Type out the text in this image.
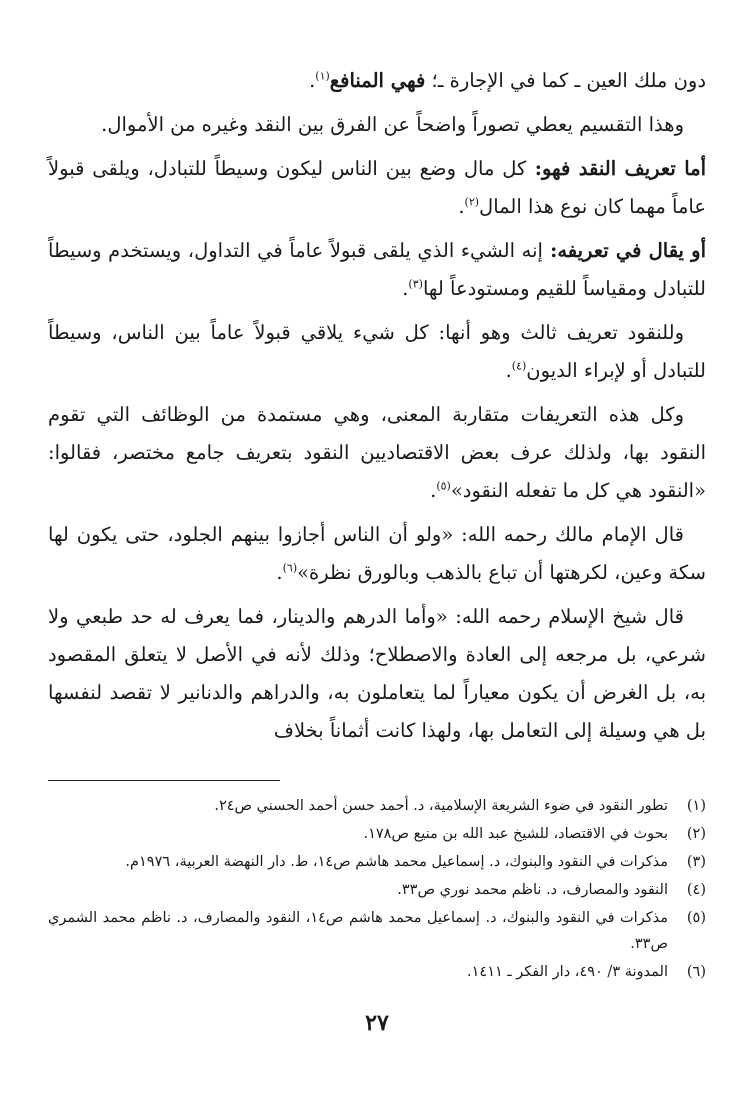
دون ملك العين ـ كما في الإجارة ـ؛ فهي المنافع$^{(١)}$.

وهذا التقسيم يعطي تصوراً واضحاً عن الفرق بين النقد وغيره من الأموال.

أما تعريف النقد فهو: كل مال وضع بين الناس ليكون وسيطاً للتبادل، ويلقى قبولاً عاماً مهما كان نوع هذا المال$^{(٢)}$.

أو يقال في تعريفه: إنه الشيء الذي يلقى قبولاً عاماً في التداول، ويستخدم وسيطاً للتبادل ومقياساً للقيم ومستودعاً لها$^{(٣)}$.

وللنقود تعريف ثالث وهو أنها: كل شيء يلاقي قبولاً عاماً بين الناس، وسيطاً للتبادل أو لإبراء الديون$^{(٤)}$.

وكل هذه التعريفات متقاربة المعنى، وهي مستمدة من الوظائف التي تقوم النقود بها، ولذلك عرف بعض الاقتصاديين النقود بتعريف جامع مختصر، فقالوا: «النقود هي كل ما تفعله النقود»$^{(٥)}$.

قال الإمام مالك رحمه الله: «ولو أن الناس أجازوا بينهم الجلود، حتى يكون لها سكة وعين، لكرهتها أن تباع بالذهب وبالورق نظرة»$^{(٦)}$.

قال شيخ الإسلام رحمه الله: «وأما الدرهم والدينار، فما يعرف له حد طبعي ولا شرعي، بل مرجعه إلى العادة والاصطلاح؛ وذلك لأنه في الأصل لا يتعلق المقصود به، بل الغرض أن يكون معياراً لما يتعاملون به، والدراهم والدنانير لا تقصد لنفسها بل هي وسيلة إلى التعامل بها، ولهذا كانت أثماناً بخلاف

(١)
تطور النقود في ضوء الشريعة الإسلامية، د. أحمد حسن أحمد الحسني ص٢٤.
(٢)
بحوث في الاقتصاد، للشيخ عبد الله بن منيع ص١٧٨.
(٣)
مذكرات في النقود والبنوك، د. إسماعيل محمد هاشم ص١٤، ط. دار النهضة العربية، ١٩٧٦م.
(٤)
النقود والمصارف، د. ناظم محمد نوري ص٣٣.
(٥)
مذكرات في النقود والبنوك، د. إسماعيل محمد هاشم ص١٤، النقود والمصارف، د. ناظم محمد الشمري ص٣٣.
(٦)
المدونة ٣/ ٤٩٠، دار الفكر ـ ١٤١١.
٢٧
